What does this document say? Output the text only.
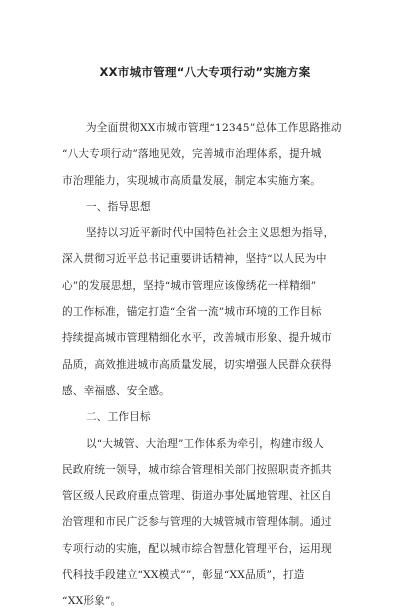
XX市城市管理“八大专项行动”实施方案
为全面贯彻XX市城市管理“12345”总体工作思路推动
“八大专项行动”落地见效，完善城市治理体系，提升城
市治理能力，实现城市高质量发展，制定本实施方案。
一、指导思想
坚持以习近平新时代中国特色社会主义思想为指导，
深入贯彻习近平总书记重要讲话精神，坚持“以人民为中
心”的发展思想，坚持“城市管理应该像绣花一样精细”
的工作标准，锚定打造“全省一流”城市环境的工作目标
持续提高城市管理精细化水平，改善城市形象、提升城市
品质，高效推进城市高质量发展，切实增强人民群众获得
感、幸福感、安全感。
二、工作目标
以“大城管、大治理”工作体系为牵引，构建市级人
民政府统一领导，城市综合管理相关部门按照职责齐抓共
管区级人民政府重点管理、街道办事处属地管理、社区自
治管理和市民广泛参与管理的大城管城市管理体制。通过
专项行动的实施，配以城市综合智慧化管理平台，运用现
代科技手段建立“XX模式””，彰显“XX品质”，打造
“XX形象”。
